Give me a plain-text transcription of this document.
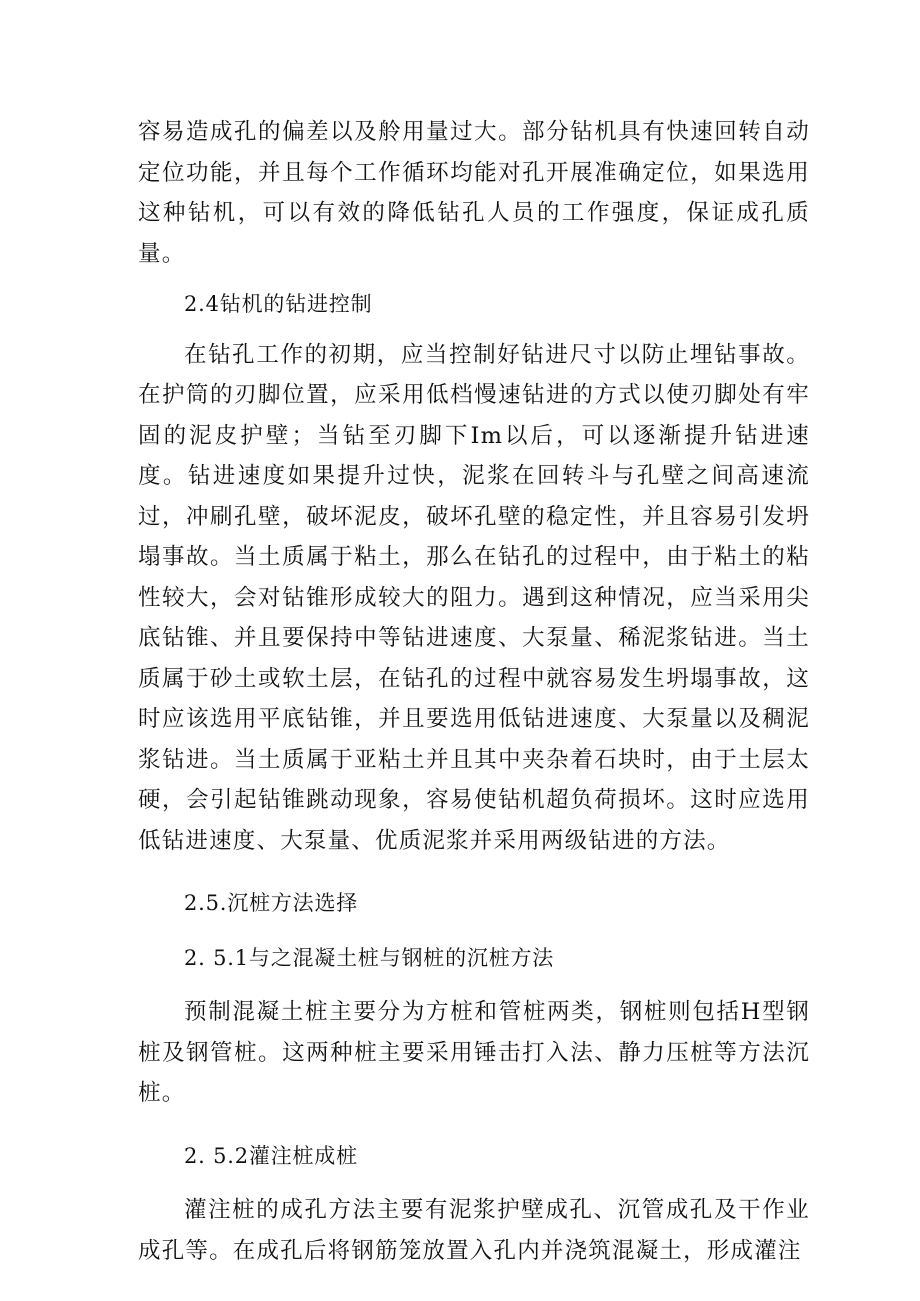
容易造成孔的偏差以及舲用量过大。部分钻机具有快速回转自动定位功能，并且每个工作循环均能对孔开展准确定位，如果选用这种钻机，可以有效的降低钻孔人员的工作强度，保证成孔质量。

2.4钻机的钻进控制

在钻孔工作的初期，应当控制好钻进尺寸以防止埋钻事故。在护筒的刃脚位置，应采用低档慢速钻进的方式以使刃脚处有牢固的泥皮护壁；当钻至刃脚下Im以后，可以逐渐提升钻进速度。钻进速度如果提升过快，泥浆在回转斗与孔壁之间高速流过，冲刷孔壁，破坏泥皮，破坏孔壁的稳定性，并且容易引发坍塌事故。当土质属于粘土，那么在钻孔的过程中，由于粘土的粘性较大，会对钻锥形成较大的阻力。遇到这种情况，应当采用尖底钻锥、并且要保持中等钻进速度、大泵量、稀泥浆钻进。当土质属于砂土或软土层，在钻孔的过程中就容易发生坍塌事故，这时应该选用平底钻锥，并且要选用低钻进速度、大泵量以及稠泥浆钻进。当土质属于亚粘土并且其中夹杂着石块时，由于土层太硬，会引起钻锥跳动现象，容易使钻机超负荷损坏。这时应选用低钻进速度、大泵量、优质泥浆并采用两级钻进的方法。

2.5.沉桩方法选择

2. 5.1与之混凝土桩与钢桩的沉桩方法

预制混凝土桩主要分为方桩和管桩两类，钢桩则包括H型钢桩及钢管桩。这两种桩主要采用锤击打入法、静力压桩等方法沉桩。

2. 5.2灌注桩成桩

灌注桩的成孔方法主要有泥浆护壁成孔、沉管成孔及干作业成孔等。在成孔后将钢筋笼放置入孔内并浇筑混凝土，形成灌注
